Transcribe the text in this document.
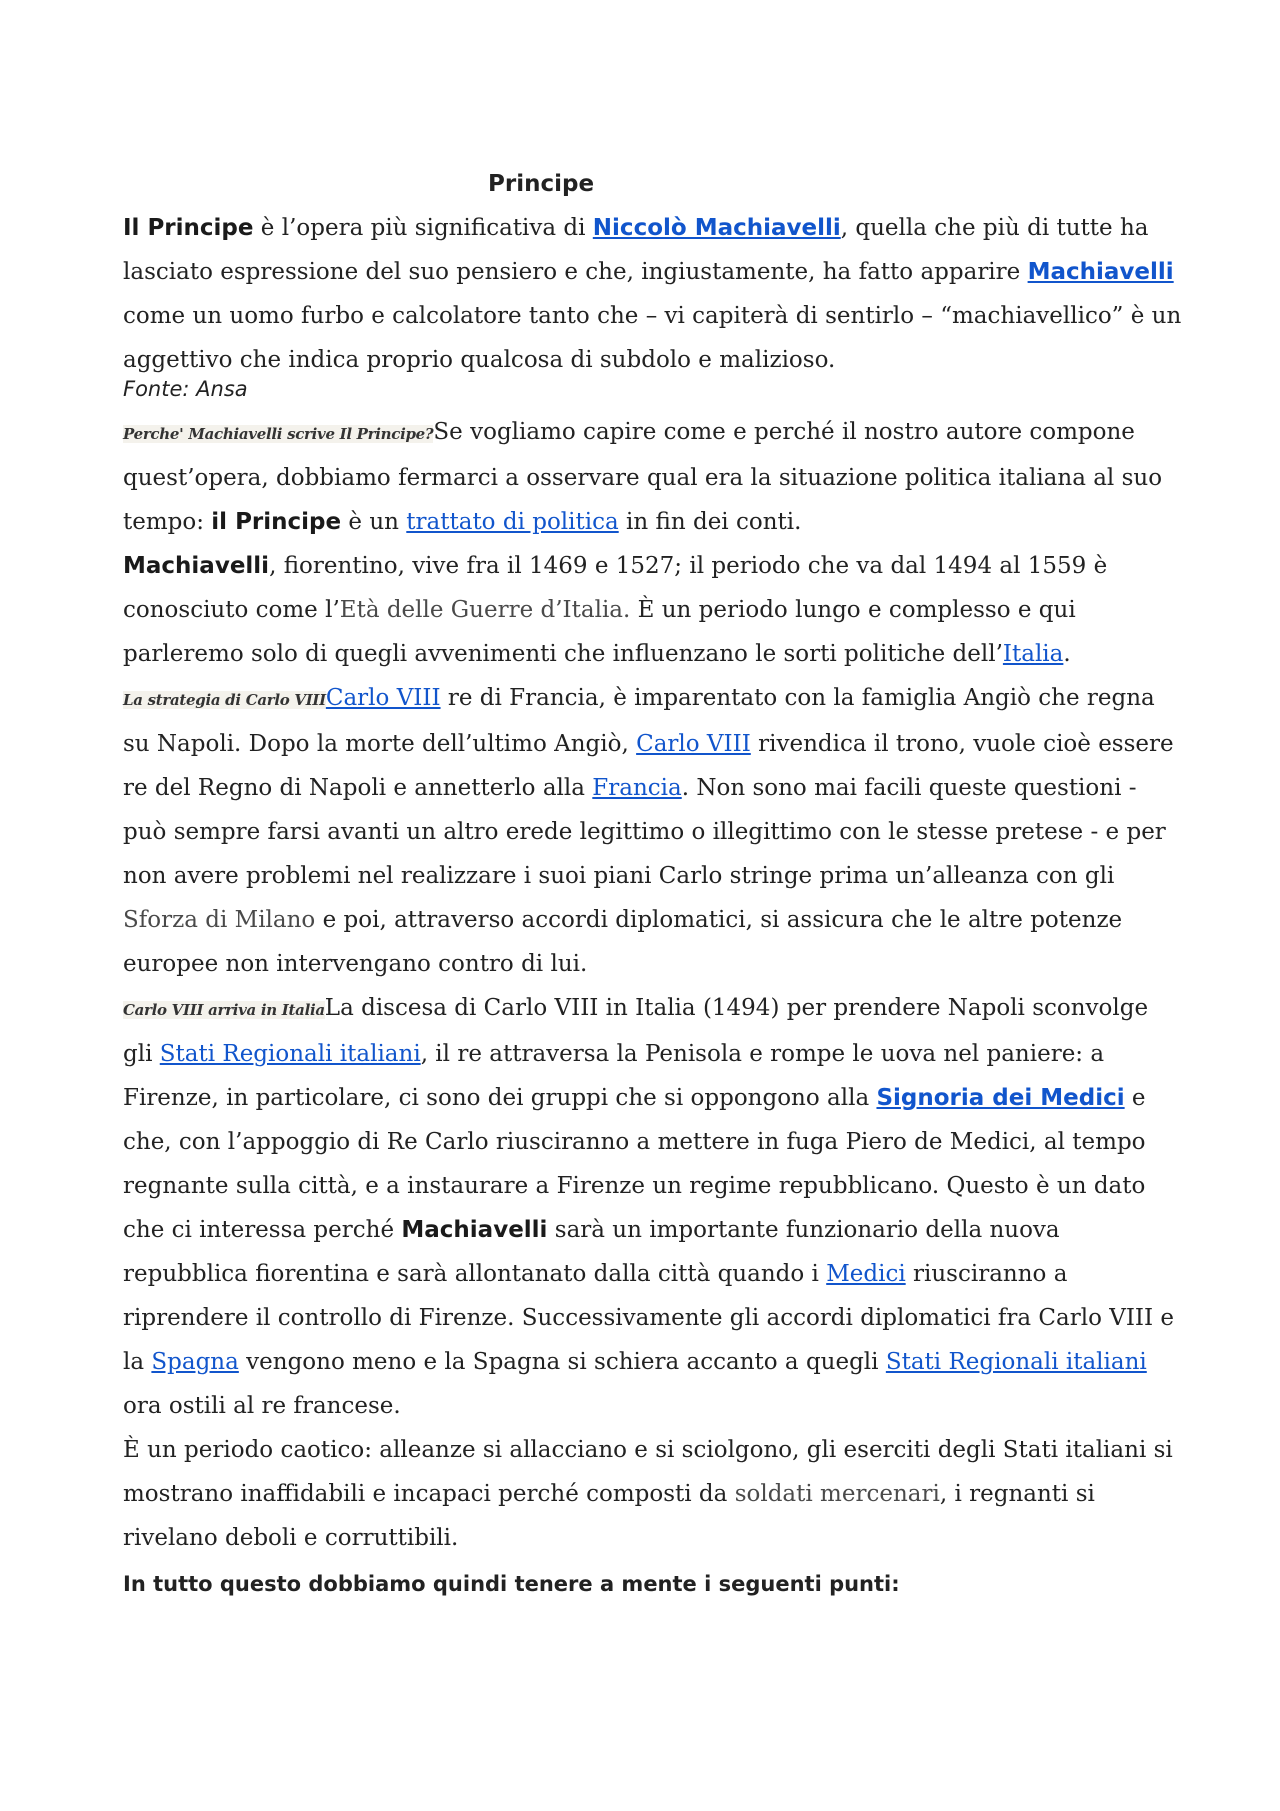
Principe

Il Principe è l’opera più significativa di Niccolò Machiavelli, quella che più di tutte ha lasciato espressione del suo pensiero e che, ingiustamente, ha fatto apparire Machiavelli come un uomo furbo e calcolatore tanto che – vi capiterà di sentirlo – “machiavellico” è un aggettivo che indica proprio qualcosa di subdolo e malizioso.

Fonte: Ansa

Perche' Machiavelli scrive Il Principe?Se vogliamo capire come e perché il nostro autore compone quest’opera, dobbiamo fermarci a osservare qual era la situazione politica italiana al suo tempo: il Principe è un trattato di politica in fin dei conti.

Machiavelli, fiorentino, vive fra il 1469 e 1527; il periodo che va dal 1494 al 1559 è conosciuto come l’Età delle Guerre d’Italia. È un periodo lungo e complesso e qui parleremo solo di quegli avvenimenti che influenzano le sorti politiche dell’Italia.

La strategia di Carlo VIIICarlo VIII re di Francia, è imparentato con la famiglia Angiò che regna su Napoli. Dopo la morte dell’ultimo Angiò, Carlo VIII rivendica il trono, vuole cioè essere re del Regno di Napoli e annetterlo alla Francia. Non sono mai facili queste questioni - può sempre farsi avanti un altro erede legittimo o illegittimo con le stesse pretese - e per non avere problemi nel realizzare i suoi piani Carlo stringe prima un’alleanza con gli Sforza di Milano e poi, attraverso accordi diplomatici, si assicura che le altre potenze europee non intervengano contro di lui.

Carlo VIII arriva in ItaliaLa discesa di Carlo VIII in Italia (1494) per prendere Napoli sconvolge gli Stati Regionali italiani, il re attraversa la Penisola e rompe le uova nel paniere: a Firenze, in particolare, ci sono dei gruppi che si oppongono alla Signoria dei Medici e che, con l’appoggio di Re Carlo riusciranno a mettere in fuga Piero de Medici, al tempo regnante sulla città, e a instaurare a Firenze un regime repubblicano. Questo è un dato che ci interessa perché Machiavelli sarà un importante funzionario della nuova repubblica fiorentina e sarà allontanato dalla città quando i Medici riusciranno a riprendere il controllo di Firenze. Successivamente gli accordi diplomatici fra Carlo VIII e la Spagna vengono meno e la Spagna si schiera accanto a quegli Stati Regionali italiani ora ostili al re francese.

È un periodo caotico: alleanze si allacciano e si sciolgono, gli eserciti degli Stati italiani si mostrano inaffidabili e incapaci perché composti da soldati mercenari, i regnanti si rivelano deboli e corruttibili.

In tutto questo dobbiamo quindi tenere a mente i seguenti punti:
